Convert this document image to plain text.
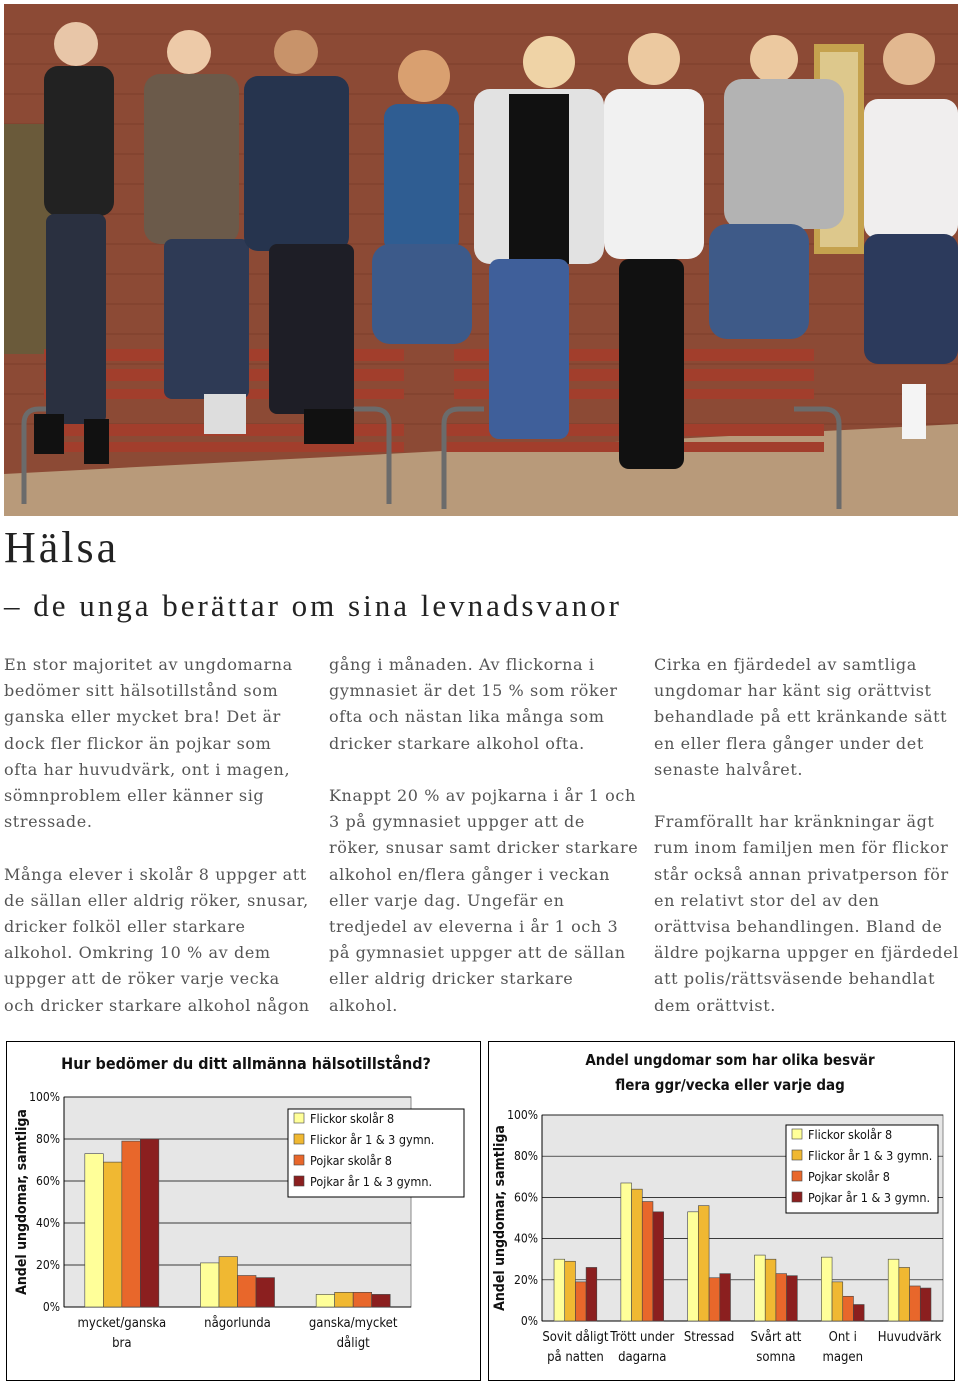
Hälsa
– de unga berättar om sina levnadsvanor

En stor majoritet av ungdomarna bedömer sitt hälsotillstånd som ganska eller mycket bra! Det är dock fler flickor än pojkar som ofta har huvudvärk, ont i magen, sömnproblem eller känner sig stressade.

Många elever i skolår 8 uppger att de sällan eller aldrig röker, snusar, dricker folköl eller starkare alkohol. Omkring 10 % av dem uppger att de röker varje vecka och dricker starkare alkohol någon

gång i månaden. Av flickorna i gymnasiet är det 15 % som röker ofta och nästan lika många som dricker starkare alkohol ofta.

Knappt 20 % av pojkarna i år 1 och 3 på gymnasiet uppger att de röker, snusar samt dricker starkare alkohol en/flera gånger i veckan eller varje dag. Ungefär en tredjedel av eleverna i år 1 och 3 på gymnasiet uppger att de sällan eller aldrig dricker starkare alkohol.

Cirka en fjärdedel av samtliga ungdomar har känt sig orättvist behandlade på ett kränkande sätt en eller flera gånger under det senaste halvåret.

Framförallt har kränkningar ägt rum inom familjen men för flickor står också annan privatperson för en relativt stor del av den orättvisa behandlingen. Bland de äldre pojkarna uppger en fjärdedel att polis/rättsväsende behandlat dem orättvist.

Hur bedömer du ditt allmänna hälsotillstånd?
0%
20%
40%
60%
80%
100%
Andel ungdomar, samtliga
mycket/ganska
bra
någorlunda	ganska/mycket
dåligt
Flickor skolår 8
Flickor år 1 & 3 gymn.
Pojkar skolår 8
Pojkar år 1 & 3 gymn.
Andel ungdomar som har olika besvär
flera ggr/vecka eller varje dag
0%
20%
40%
60%
80%
100%
Andel ungdomar, samtliga
Sovit dåligt
på natten
Trött under
dagarna
Stressad Svårt att
somna
Ont i
magen
Huvudvärk
Flickor skolår 8
Flickor år 1 & 3 gymn.
Pojkar skolår 8
Pojkar år 1 & 3 gymn.
